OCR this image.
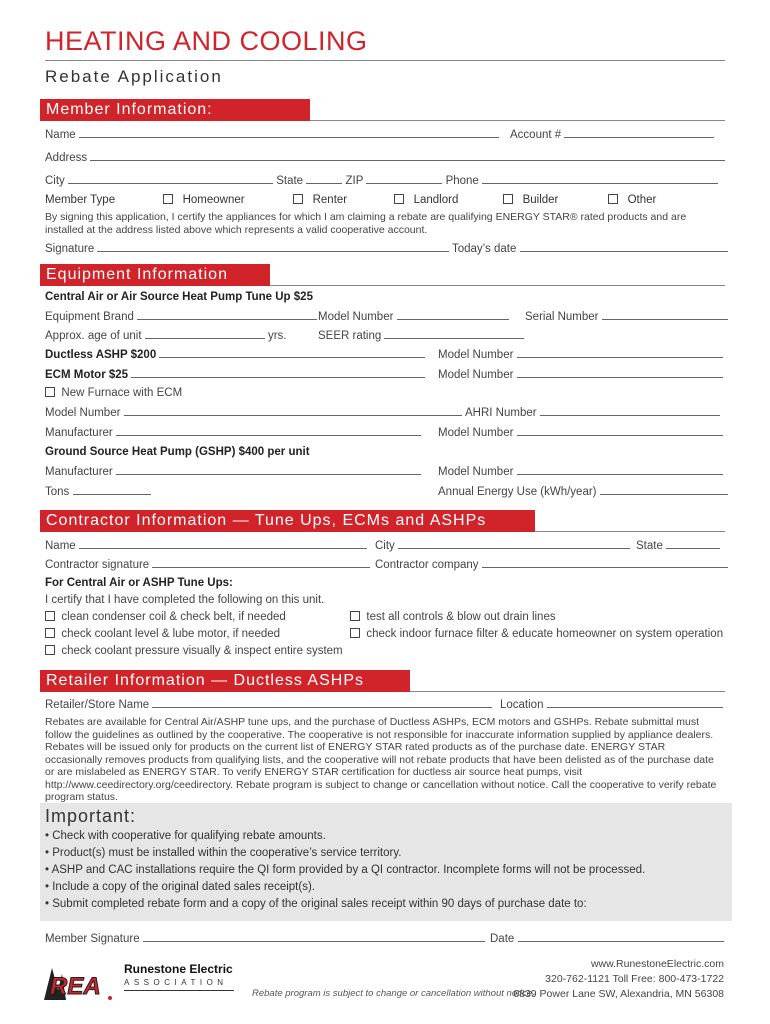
HEATING AND COOLING
Rebate Application
Member Information:
Name	Account #
Address
City	State	ZIP	Phone
Member Type	Homeowner	Renter	Landlord	Builder	Other
By signing this application, I certify the appliances for which I am claiming a rebate are qualifying ENERGY STAR® rated products and are installed at the address listed above which represents a valid cooperative account.
Signature	Today’s date
Equipment Information
Central Air or Air Source Heat Pump Tune Up $25
Equipment Brand	Model Number	Serial Number
Approx. age of unit	yrs.	SEER rating
Ductless ASHP $200	Model Number
ECM Motor $25	Model Number
New Furnace with ECM
Model Number	AHRI Number
Manufacturer	Model Number
Ground Source Heat Pump (GSHP) $400 per unit
Manufacturer	Model Number
Tons	Annual Energy Use (kWh/year)
Contractor Information — Tune Ups, ECMs and ASHPs
Name	City	State
Contractor signature	Contractor company
For Central Air or ASHP Tune Ups:
I certify that I have completed the following on this unit.
clean condenser coil & check belt, if needed
check coolant level & lube motor, if needed
check coolant pressure visually & inspect entire system
test all controls & blow out drain lines
check indoor furnace filter & educate homeowner on system operation
Retailer Information — Ductless ASHPs
Retailer/Store Name	Location
Rebates are available for Central Air/ASHP tune ups, and the purchase of Ductless ASHPs, ECM motors and GSHPs. Rebate submittal must follow the guidelines as outlined by the cooperative. The cooperative is not responsible for inaccurate information supplied by appliance dealers. Rebates will be issued only for products on the current list of ENERGY STAR rated products as of the purchase date. ENERGY STAR occasionally removes products from qualifying lists, and the cooperative will not rebate products that have been delisted as of the purchase date or are mislabeled as ENERGY STAR. To verify ENERGY STAR certification for ductless air source heat pumps, visit http://www.ceedirectory.org/ceedirectory. Rebate program is subject to change or cancellation without notice. Call the cooperative to verify rebate program status.
Important:
• Check with cooperative for qualifying rebate amounts.
• Product(s) must be installed within the cooperative’s service territory.
• ASHP and CAC installations require the QI form provided by a QI contractor. Incomplete forms will not be processed.
• Include a copy of the original dated sales receipt(s).
• Submit completed rebate form and a copy of the original sales receipt within 90 days of purchase date to:
Member Signature	Date
REA
Runestone Electric
ASSOCIATION
Rebate program is subject to change or cancellation without notice.
www.RunestoneElectric.com
320-762-1121 Toll Free: 800-473-1722
6839 Power Lane SW, Alexandria, MN 56308
